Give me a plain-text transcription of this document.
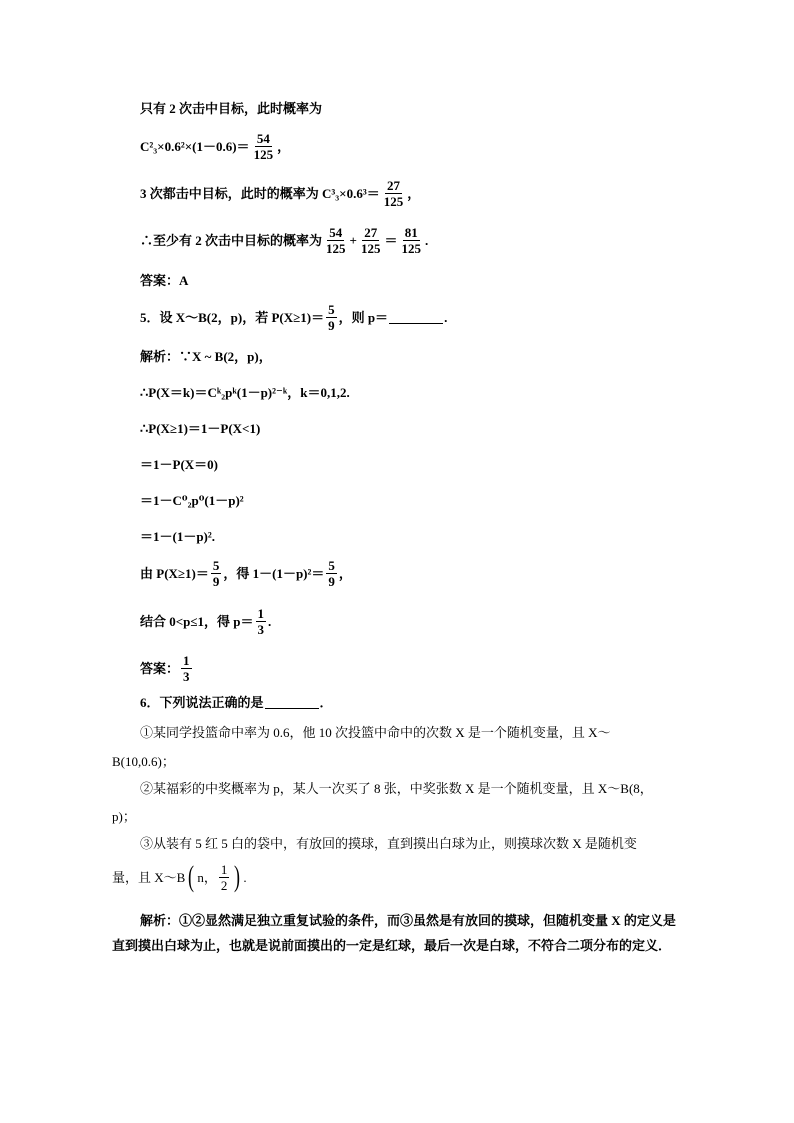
只有 2 次击中目标，此时概率为
$C^2_3\times 0.6^2\times(1-0.6)= \frac{54}{125}$ ，
3 次都击中目标，此时的概率为 $C^3_3\times 0.6^3= \frac{27}{125}$ ，
∴至少有 2 次击中目标的概率为 $\frac{54}{125} + \frac{27}{125} = \frac{81}{125}$ .
答案：A
5．设 X～B(2，p)，若 $P(X\ge 1)= \frac{5}{9}$ ，则 p＝	.
解析：∵X ~ B(2，p)，
∴P(X＝k)＝Cᵏ₂pᵏ(1－p)²⁻ᵏ，k＝0,1,2.
∴P(X≥1)＝1－P(X<1)
＝1－P(X＝0)
＝1－C⁰₂p⁰(1－p)²
＝1－(1－p)².
由 $P(X\ge 1)= \frac{5}{9}$ ，得 $1-(1-p)^2= \frac{5}{9}$ ，
结合 0<p≤1，得 $p= \frac{1}{3}$ .
答案： $\frac{1}{3}$
6．下列说法正确的是	．
①某同学投篮命中率为 0.6，他 10 次投篮中命中的次数 X 是一个随机变量，且 X～
B(10,0.6)；
②某福彩的中奖概率为 p，某人一次买了 8 张，中奖张数 X 是一个随机变量，且 X～B(8，
p)；
③从装有 5 红 5 白的袋中，有放回的摸球，直到摸出白球为止，则摸球次数 X 是随机变
量，且 X～B ( n， $\frac{1}{2}$ ) .
解析：①②显然满足独立重复试验的条件，而③虽然是有放回的摸球，但随机变量 X 的定义是直到摸出白球为止，也就是说前面摸出的一定是红球，最后一次是白球，不符合二项分布的定义．
